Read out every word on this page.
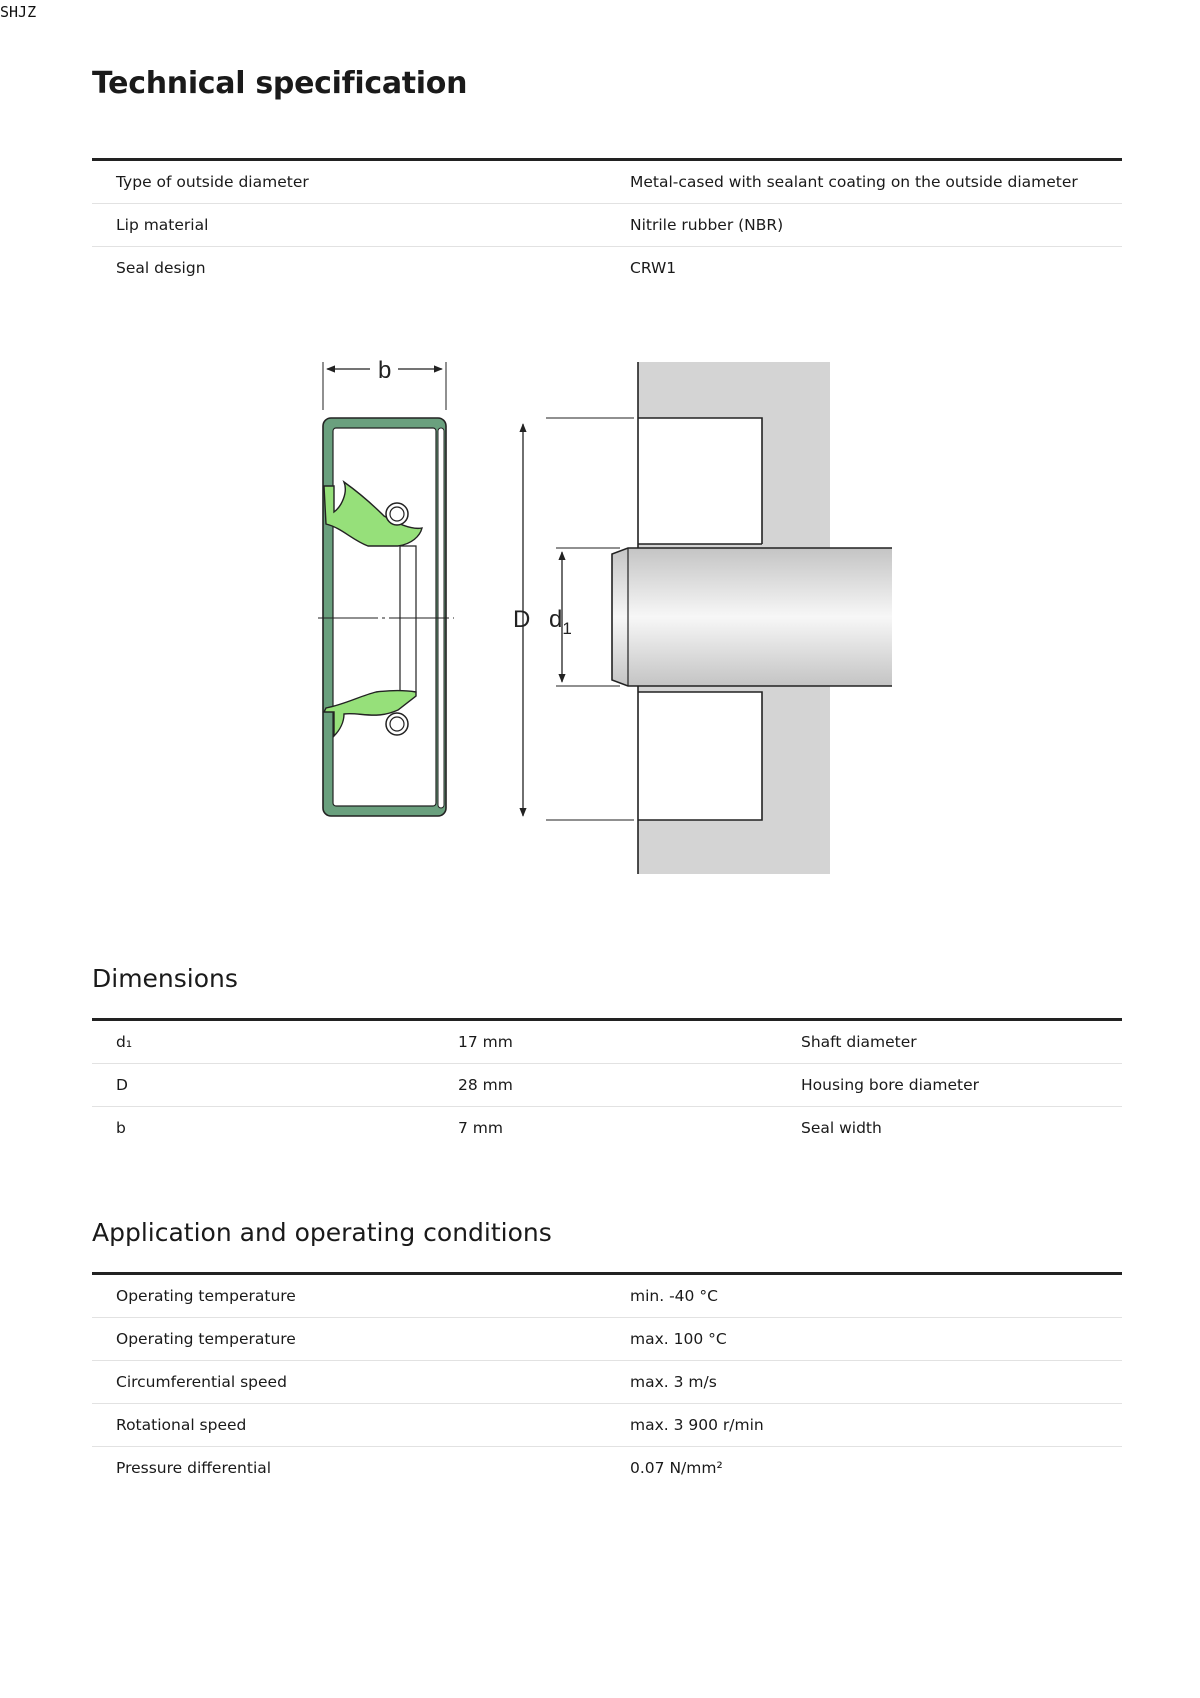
SHJZ
Technical specification
Type of outside diameter	Metal-cased with sealant coating on the outside diameter
Lip material	Nitrile rubber (NBR)
Seal design	CRW1
D $d_1$
b
Dimensions
d₁	17 mm	Shaft diameter
D	28 mm	Housing bore diameter
b	7 mm	Seal width
Application and operating conditions
Operating temperature	min. -40 °C
Operating temperature	max. 100 °C
Circumferential speed	max. 3 m/s
Rotational speed	max. 3 900 r/min
Pressure differential	0.07 N/mm²
